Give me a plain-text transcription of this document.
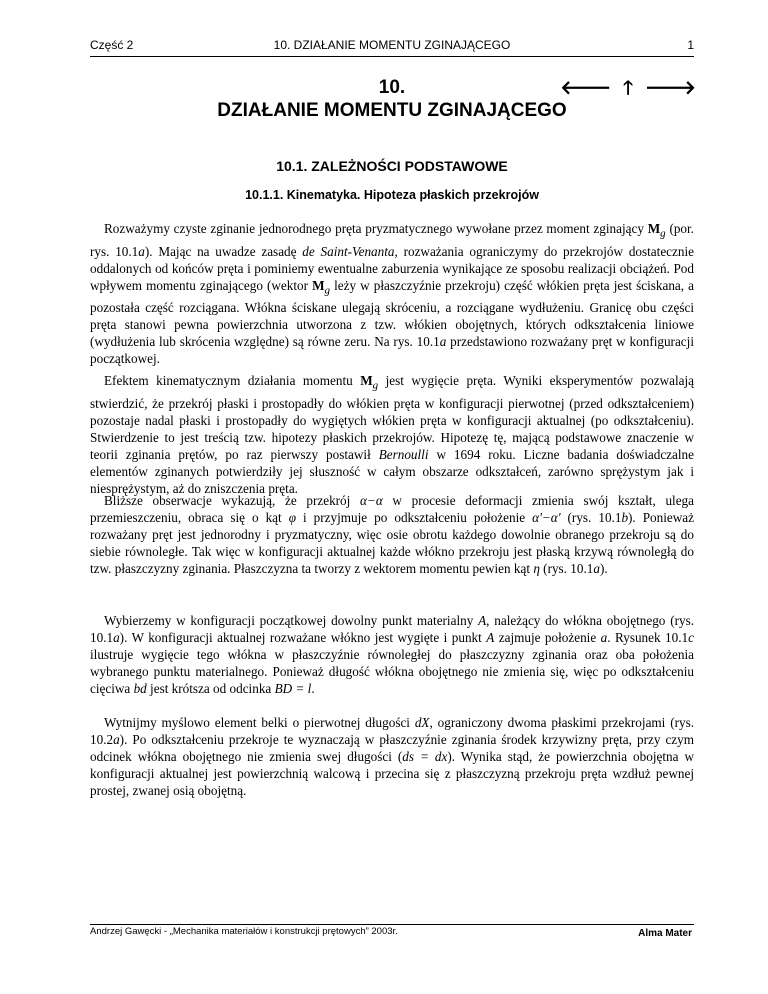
Część 2	10. DZIAŁANIE MOMENTU ZGINAJĄCEGO	1
10.
DZIAŁANIE MOMENTU ZGINAJĄCEGO
🡐 🡑 🡒
10.1. ZALEŻNOŚCI PODSTAWOWE
10.1.1. Kinematyka. Hipoteza płaskich przekrojów

Rozważymy czyste zginanie jednorodnego pręta pryzmatycznego wywołane przez moment zginający $M_g$ (por. rys. 10.1a). Mając na uwadze zasadę de Saint-Venanta, rozważania ograniczymy do przekrojów dostatecznie oddalonych od końców pręta i pominiemy ewentualne zaburzenia wynikające ze sposobu realizacji obciążeń. Pod wpływem momentu zginającego (wektor $M_g$ leży w płaszczyźnie przekroju) część włókien pręta jest ściskana, a pozostała część rozciągana. Włókna ściskane ulegają skróceniu, a rozciągane wydłużeniu. Granicę obu części pręta stanowi pewna powierzchnia utworzona z tzw. włókien obojętnych, których odkształcenia liniowe (wydłużenia lub skrócenia względne) są równe zeru. Na rys. 10.1a przedstawiono rozważany pręt w konfiguracji początkowej.

Efektem kinematycznym działania momentu $M_g$ jest wygięcie pręta. Wyniki eksperymentów pozwalają stwierdzić, że przekrój płaski i prostopadły do włókien pręta w konfiguracji pierwotnej (przed odkształceniem) pozostaje nadal płaski i prostopadły do wygiętych włókien pręta w konfiguracji aktualnej (po odkształceniu). Stwierdzenie to jest treścią tzw. hipotezy płaskich przekrojów. Hipotezę tę, mającą podstawowe znaczenie w teorii zginania prętów, po raz pierwszy postawił Bernoulli w 1694 roku. Liczne badania doświadczalne elementów zginanych potwierdziły jej słuszność w całym obszarze odkształceń, zarówno sprężystym jak i niesprężystym, aż do zniszczenia pręta.

Bliższe obserwacje wykazują, że przekrój α−α w procesie deformacji zmienia swój kształt, ulega przemieszczeniu, obraca się o kąt φ i przyjmuje po odkształceniu położenie α'−α' (rys. 10.1b). Ponieważ rozważany pręt jest jednorodny i pryzmatyczny, więc osie obrotu każdego dowolnie obranego przekroju są do siebie równoległe. Tak więc w konfiguracji aktualnej każde włókno przekroju jest płaską krzywą równoległą do tzw. płaszczyzny zginania. Płaszczyzna ta tworzy z wektorem momentu pewien kąt η (rys. 10.1a).

Wybierzemy w konfiguracji początkowej dowolny punkt materialny A, należący do włókna obojętnego (rys. 10.1a). W konfiguracji aktualnej rozważane włókno jest wygięte i punkt A zajmuje położenie a. Rysunek 10.1c ilustruje wygięcie tego włókna w płaszczyźnie równoległej do płaszczyzny zginania oraz oba położenia wybranego punktu materialnego. Ponieważ długość włókna obojętnego nie zmienia się, więc po odkształceniu cięciwa bd jest krótsza od odcinka BD = l.

Wytnijmy myślowo element belki o pierwotnej długości dX, ograniczony dwoma płaskimi przekrojami (rys. 10.2a). Po odkształceniu przekroje te wyznaczają w płaszczyźnie zginania środek krzywizny pręta, przy czym odcinek włókna obojętnego nie zmienia swej długości (ds = dx). Wynika stąd, że powierzchnia obojętna w konfiguracji aktualnej jest powierzchnią walcową i przecina się z płaszczyzną przekroju pręta wzdłuż pewnej prostej, zwanej osią obojętną.

Andrzej Gawęcki - „Mechanika materiałów i konstrukcji prętowych” 2003r.	Alma Mater
